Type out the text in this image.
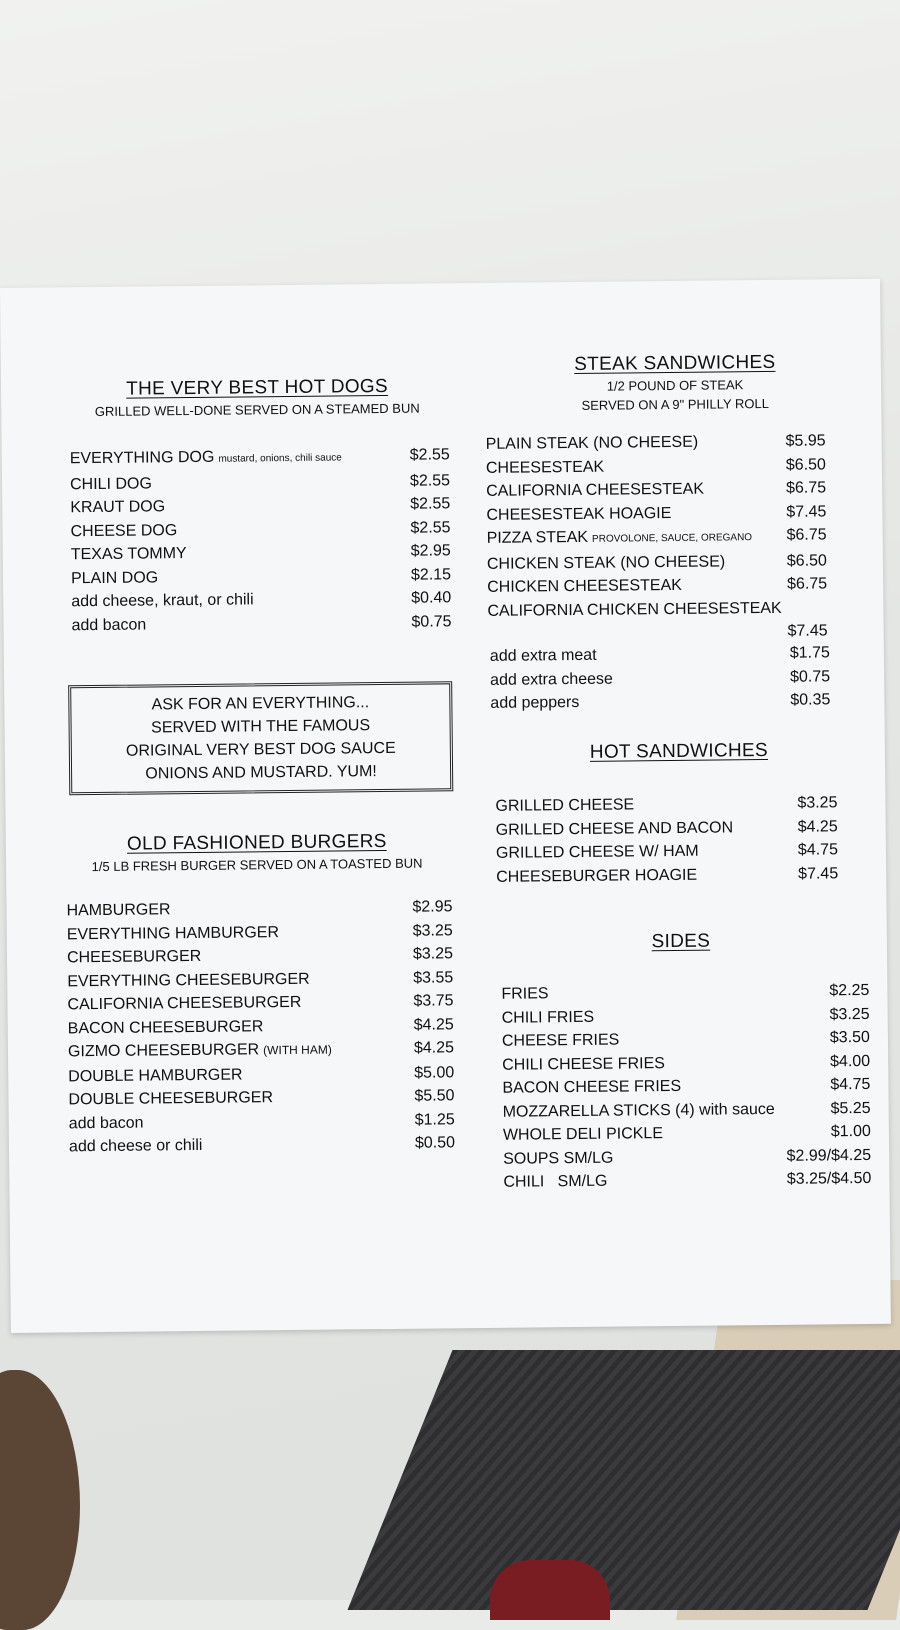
THE VERY BEST HOT DOGS

GRILLED WELL-DONE SERVED ON A STEAMED BUN

EVERYTHING DOG mustard, onions, chili sauce	$2.55
CHILI DOG	$2.55
KRAUT DOG	$2.55
CHEESE DOG	$2.55
TEXAS TOMMY	$2.95
PLAIN DOG	$2.15
add cheese, kraut, or chili	$0.40
add bacon	$0.75
ASK FOR AN EVERYTHING...
SERVED WITH THE FAMOUS
ORIGINAL VERY BEST DOG SAUCE
ONIONS AND MUSTARD. YUM!
OLD FASHIONED BURGERS

1/5 LB FRESH BURGER SERVED ON A TOASTED BUN

HAMBURGER	$2.95
EVERYTHING HAMBURGER	$3.25
CHEESEBURGER	$3.25
EVERYTHING CHEESEBURGER	$3.55
CALIFORNIA CHEESEBURGER	$3.75
BACON CHEESEBURGER	$4.25
GIZMO CHEESEBURGER (WITH HAM)	$4.25
DOUBLE HAMBURGER	$5.00
DOUBLE CHEESEBURGER	$5.50
add bacon	$1.25
add cheese or chili	$0.50
STEAK SANDWICHES

1/2 POUND OF STEAK

SERVED ON A 9" PHILLY ROLL

PLAIN STEAK (NO CHEESE)	$5.95
CHEESESTEAK	$6.50
CALIFORNIA CHEESESTEAK	$6.75
CHEESESTEAK HOAGIE	$7.45
PIZZA STEAK PROVOLONE, SAUCE, OREGANO $6.75
CHICKEN STEAK (NO CHEESE)	$6.50
CHICKEN CHEESESTEAK	$6.75
CALIFORNIA CHICKEN CHEESESTEAK
$7.45
add extra meat	$1.75
add extra cheese	$0.75
add peppers	$0.35
HOT SANDWICHES
GRILLED CHEESE	$3.25
GRILLED CHEESE AND BACON	$4.25
GRILLED CHEESE W/ HAM	$4.75
CHEESEBURGER HOAGIE	$7.45
SIDES
FRIES	$2.25
CHILI FRIES	$3.25
CHEESE FRIES	$3.50
CHILI CHEESE FRIES	$4.00
BACON CHEESE FRIES	$4.75
MOZZARELLA STICKS (4) with sauce	$5.25
WHOLE DELI PICKLE	$1.00
SOUPS SM/LG	$2.99/$4.25
CHILI   SM/LG	$3.25/$4.50
